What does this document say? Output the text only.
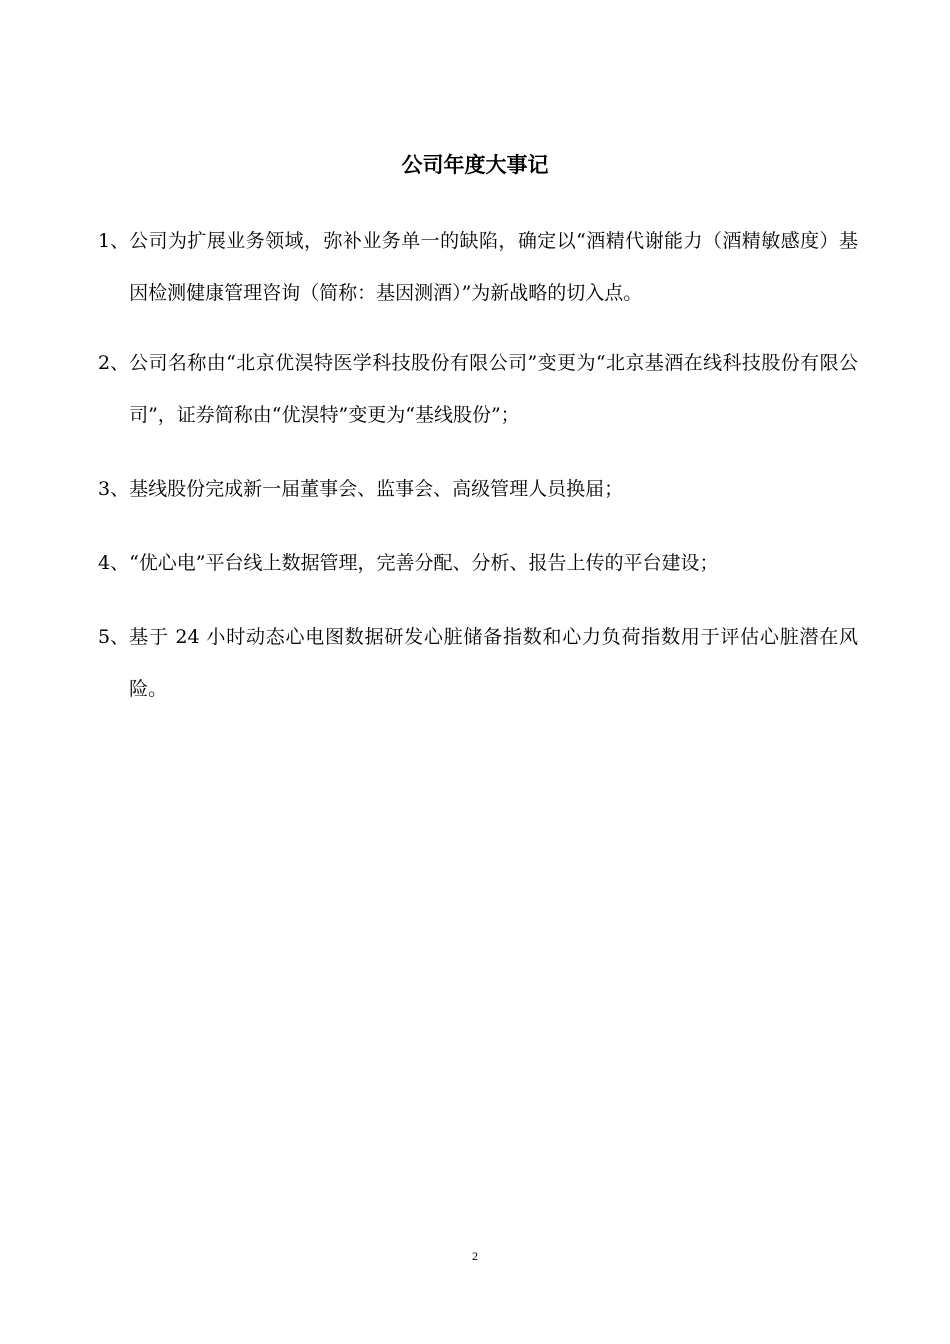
公司年度大事记
1、 公司为扩展业务领域，弥补业务单一的缺陷，确定以“酒精代谢能力（酒精敏感度）基因检测健康管理咨询（简称：基因测酒）”为新战略的切入点。
2、 公司名称由“北京优淏特医学科技股份有限公司”变更为“北京基酒在线科技股份有限公司”，证券简称由“优淏特”变更为“基线股份”；
3、 基线股份完成新一届董事会、监事会、高级管理人员换届；
4、 “优心电”平台线上数据管理，完善分配、分析、报告上传的平台建设；
5、 基于 24 小时动态心电图数据研发心脏储备指数和心力负荷指数用于评估心脏潜在风险。
2
